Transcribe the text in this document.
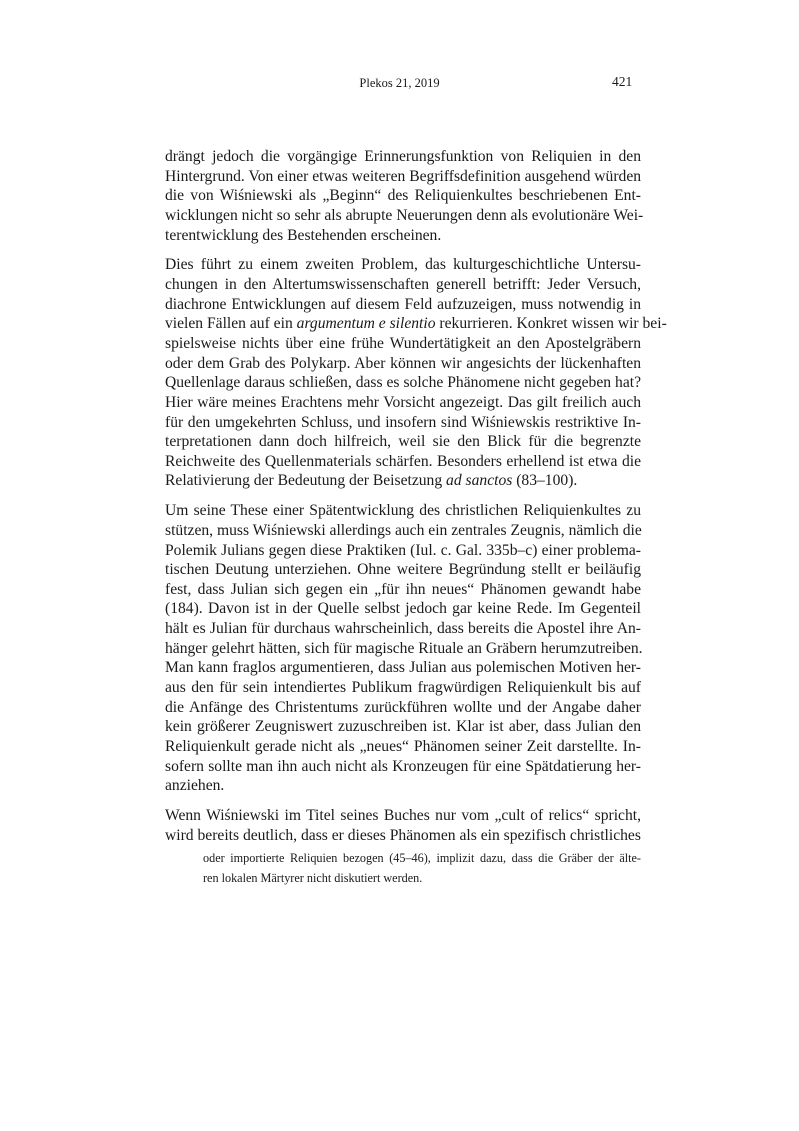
Plekos 21, 2019	421
drängt jedoch die vorgängige Erinnerungsfunktion von Reliquien in den
Hintergrund. Von einer etwas weiteren Begriffsdefinition ausgehend würden
die von Wiśniewski als „Beginn“ des Reliquienkultes beschriebenen Ent-
wicklungen nicht so sehr als abrupte Neuerungen denn als evolutionäre Wei-
terentwicklung des Bestehenden erscheinen.
Dies führt zu einem zweiten Problem, das kulturgeschichtliche Untersu-
chungen in den Altertumswissenschaften generell betrifft: Jeder Versuch,
diachrone Entwicklungen auf diesem Feld aufzuzeigen, muss notwendig in
vielen Fällen auf ein argumentum e silentio rekurrieren. Konkret wissen wir bei-
spielsweise nichts über eine frühe Wundertätigkeit an den Apostelgräbern
oder dem Grab des Polykarp. Aber können wir angesichts der lückenhaften
Quellenlage daraus schließen, dass es solche Phänomene nicht gegeben hat?
Hier wäre meines Erachtens mehr Vorsicht angezeigt. Das gilt freilich auch
für den umgekehrten Schluss, und insofern sind Wiśniewskis restriktive In-
terpretationen dann doch hilfreich, weil sie den Blick für die begrenzte
Reichweite des Quellenmaterials schärfen. Besonders erhellend ist etwa die
Relativierung der Bedeutung der Beisetzung ad sanctos (83–100).
Um seine These einer Spätentwicklung des christlichen Reliquienkultes zu
stützen, muss Wiśniewski allerdings auch ein zentrales Zeugnis, nämlich die
Polemik Julians gegen diese Praktiken (Iul. c. Gal. 335b–c) einer problema-
tischen Deutung unterziehen. Ohne weitere Begründung stellt er beiläufig
fest, dass Julian sich gegen ein „für ihn neues“ Phänomen gewandt habe
(184). Davon ist in der Quelle selbst jedoch gar keine Rede. Im Gegenteil
hält es Julian für durchaus wahrscheinlich, dass bereits die Apostel ihre An-
hänger gelehrt hätten, sich für magische Rituale an Gräbern herumzutreiben.
Man kann fraglos argumentieren, dass Julian aus polemischen Motiven her-
aus den für sein intendiertes Publikum fragwürdigen Reliquienkult bis auf
die Anfänge des Christentums zurückführen wollte und der Angabe daher
kein größerer Zeugniswert zuzuschreiben ist. Klar ist aber, dass Julian den
Reliquienkult gerade nicht als „neues“ Phänomen seiner Zeit darstellte. In-
sofern sollte man ihn auch nicht als Kronzeugen für eine Spätdatierung her-
anziehen.
Wenn Wiśniewski im Titel seines Buches nur vom „cult of relics“ spricht,
wird bereits deutlich, dass er dieses Phänomen als ein spezifisch christliches
oder importierte Reliquien bezogen (45–46), implizit dazu, dass die Gräber der älte-
ren lokalen Märtyrer nicht diskutiert werden.
